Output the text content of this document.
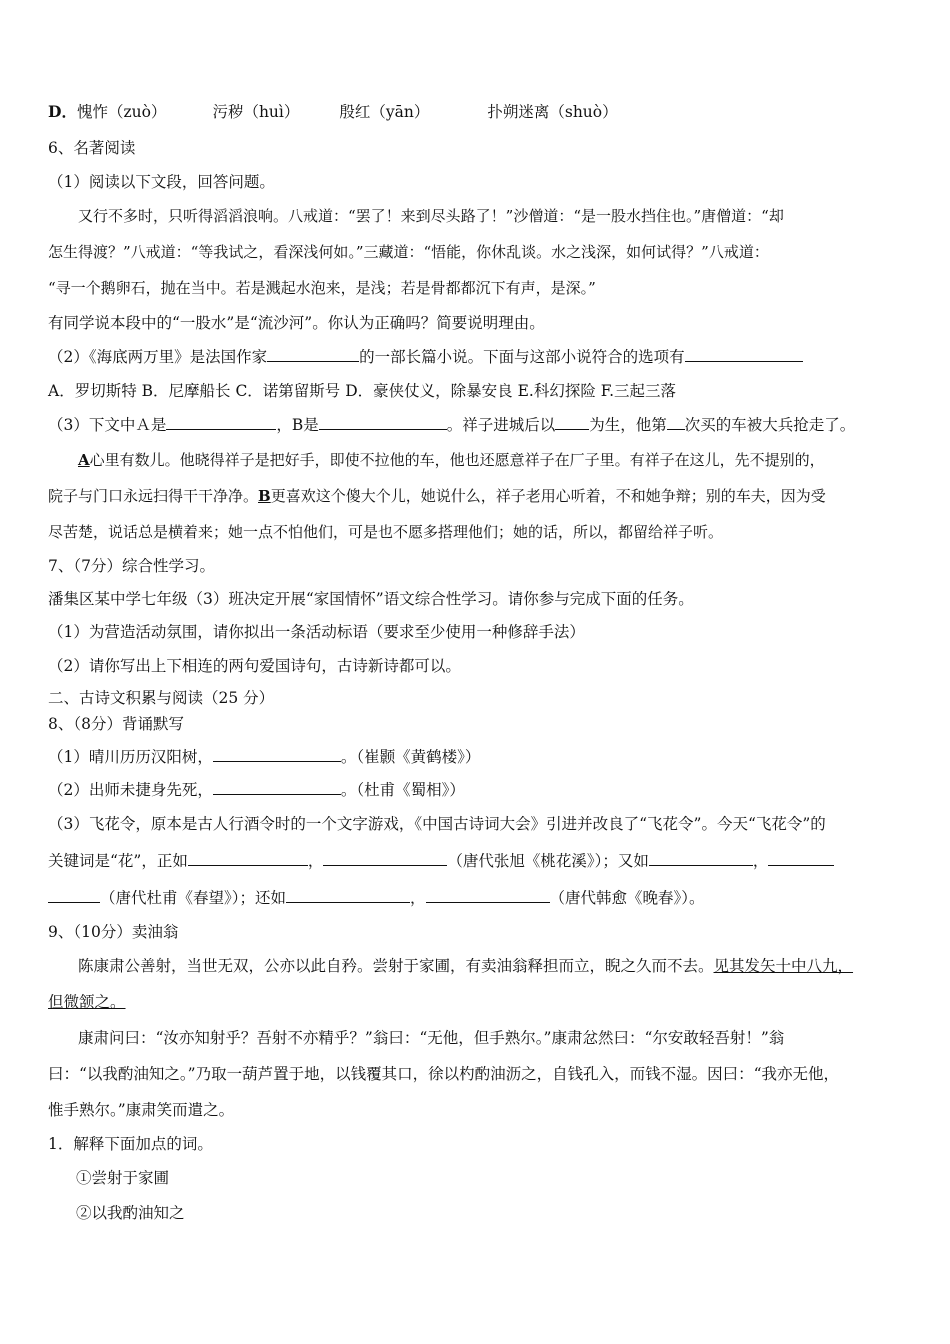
D．愧怍（zuò）	污秽（huì）	殷红（yān）	扑朔迷离（shuò）
6、名著阅读
（1）阅读以下文段，回答问题。
又行不多时，只听得滔滔浪响。八戒道：“罢了！来到尽头路了！”沙僧道：“是一股水挡住也。”唐僧道：“却
怎生得渡？”八戒道：“等我试之，看深浅何如。”三藏道：“悟能，你休乱谈。水之浅深，如何试得？”八戒道：
“寻一个鹅卵石，抛在当中。若是溅起水泡来，是浅；若是骨都都沉下有声，是深。”
有同学说本段中的“一股水”是“流沙河”。你认为正确吗？简要说明理由。
（2）《海底两万里》是法国作家	的一部长篇小说。下面与这部小说符合的选项有
A．罗切斯特 B．尼摩船长 C．诺第留斯号 D．豪侠仗义，除暴安良 E.科幻探险 F.三起三落
（3）下文中Ａ是	，B是	。祥子进城后以 为生，他第 次买的车被大兵抢走了。
A心里有数儿。他晓得祥子是把好手，即使不拉他的车，他也还愿意祥子在厂子里。有祥子在这儿，先不提别的，
院子与门口永远扫得干干净净。B更喜欢这个傻大个儿，她说什么，祥子老用心听着，不和她争辩；别的车夫，因为受
尽苦楚，说话总是横着来；她一点不怕他们，可是也不愿多搭理他们；她的话，所以，都留给祥子听。
7、（7分）综合性学习。
潘集区某中学七年级（3）班决定开展“家国情怀”语文综合性学习。请你参与完成下面的任务。
（1）为营造活动氛围，请你拟出一条活动标语（要求至少使用一种修辞手法）
（2）请你写出上下相连的两句爱国诗句，古诗新诗都可以。
二、古诗文积累与阅读（25 分）
8、（8分）背诵默写
（1）晴川历历汉阳树，	。（崔颢《黄鹤楼》）
（2）出师未捷身先死，	。（杜甫《蜀相》）
（3）飞花令，原本是古人行酒令时的一个文字游戏，《中国古诗词大会》引进并改良了“飞花令”。今天“飞花令”的
关键词是“花”，正如	，	（唐代张旭《桃花溪》）；又如	，
（唐代杜甫《春望》）；还如	，	（唐代韩愈《晚春》）。
9、（10分）卖油翁
陈康肃公善射，当世无双，公亦以此自矜。尝射于家圃，有卖油翁释担而立，睨之久而不去。见其发矢十中八九，
但微颔之。
康肃问曰：“汝亦知射乎？吾射不亦精乎？”翁曰：“无他，但手熟尔。”康肃忿然曰：“尔安敢轻吾射！”翁
曰：“以我酌油知之。”乃取一葫芦置于地，以钱覆其口，徐以杓酌油沥之，自钱孔入，而钱不湿。因曰：“我亦无他，
惟手熟尔。”康肃笑而遣之。
1．解释下面加点的词。
①尝射于家圃
②以我酌油知之
